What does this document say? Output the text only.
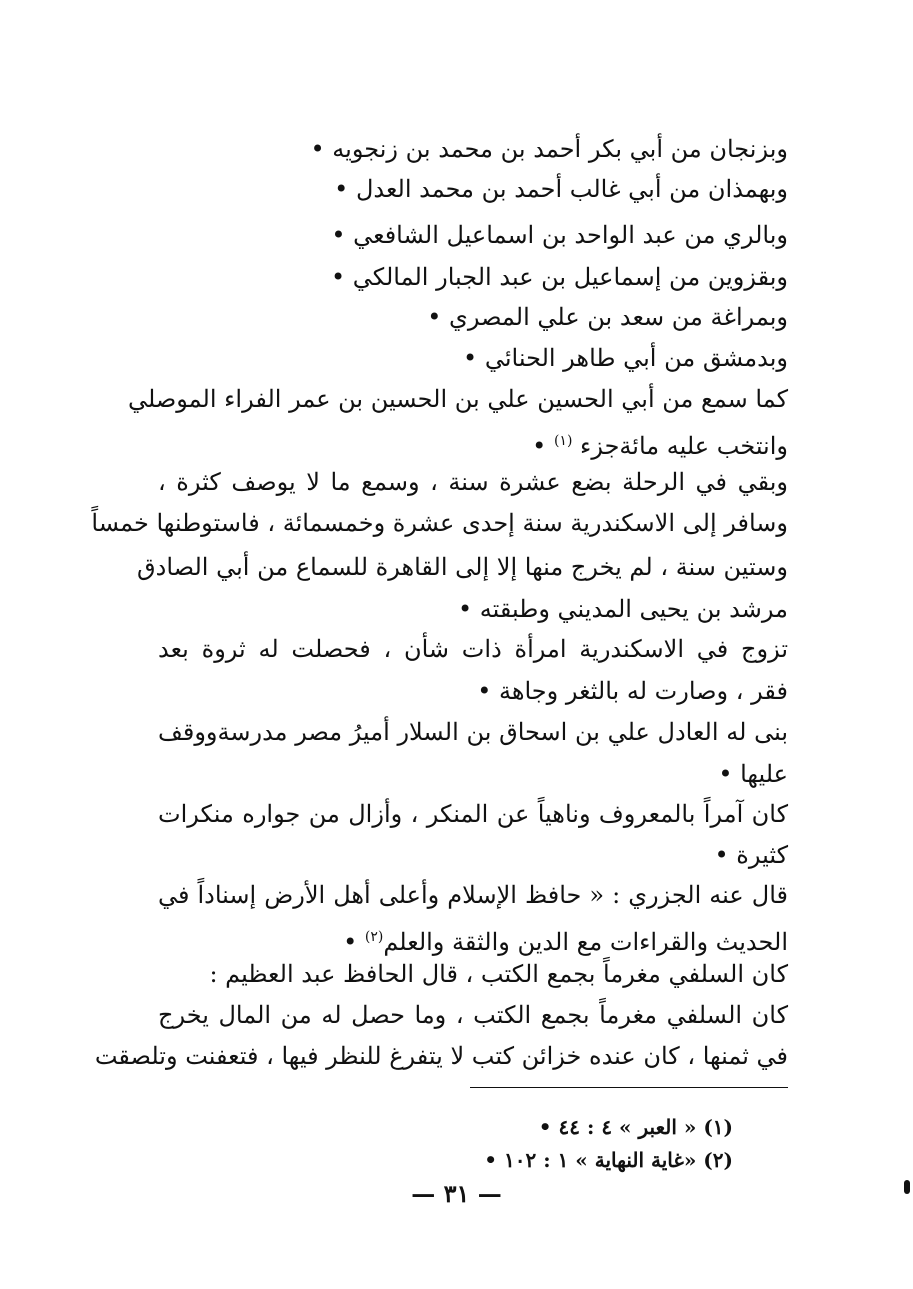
وبزنجان من أبي بكر أحمد بن محمد بن زنجويه •
وبهمذان من أبي غالب أحمد بن محمد العدل •
وبالري من عبد الواحد بن اسماعيل الشافعي •
وبقزوين من إسماعيل بن عبد الجبار المالكي •
وبمراغة من سعد بن علي المصري •
وبدمشق من أبي طاهر الحنائي •
كما سمع من أبي الحسين علي بن الحسين بن عمر الفراء الموصلي
وانتخب عليه مائةجزء $^{(١)}$ •
وبقي في الرحلة بضع عشرة سنة ، وسمع ما لا يوصف كثرة ،
وسافر إلى الاسكندرية سنة إحدى عشرة وخمسمائة ، فاستوطنها خمساً
وستين سنة ، لم يخرج منها إلا إلى القاهرة للسماع من أبي الصادق
مرشد بن يحيى المديني وطبقته •
تزوج في الاسكندرية امرأة ذات شأن ، فحصلت له ثروة بعد
فقر ، وصارت له بالثغر وجاهة •
بنى له العادل علي بن اسحاق بن السلار أميرُ مصر مدرسةووقف
عليها •
كان آمراً بالمعروف وناهياً عن المنكر ، وأزال من جواره منكرات
كثيرة •
قال عنه الجزري : « حافظ الإسلام وأعلى أهل الأرض إسناداً في
الحديث والقراءات مع الدين والثقة والعلم$^{(٢)}$ •
كان السلفي مغرماً بجمع الكتب ، قال الحافظ عبد العظيم :
كان السلفي مغرماً بجمع الكتب ، وما حصل له من المال يخرج
في ثمنها ، كان عنده خزائن كتب لا يتفرغ للنظر فيها ، فتعفنت وتلصقت
(١) « العبر » ٤ : ٤٤ •
(٢) «غاية النهاية » ١ : ١٠٢ •
— ٣١ —
